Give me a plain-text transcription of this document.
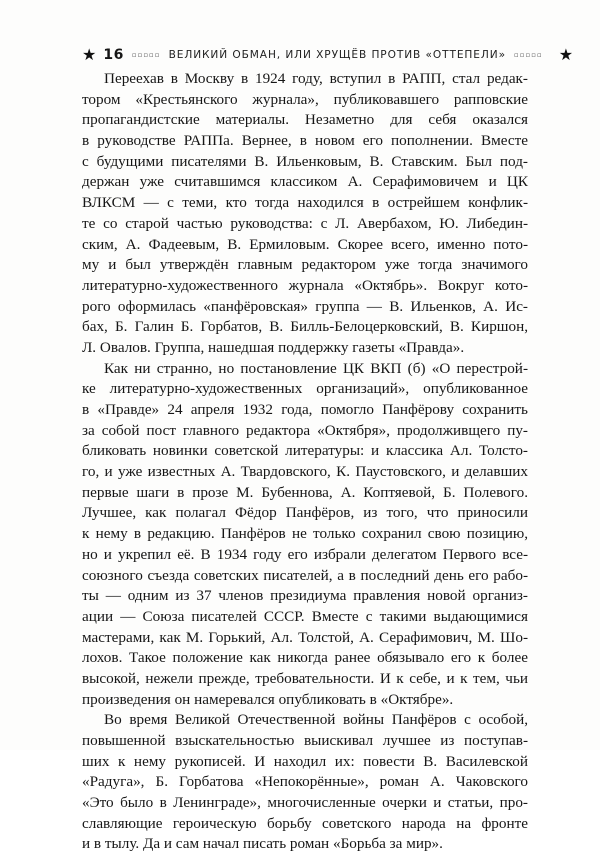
★ 16 ▫▫▫▫▫ ВЕЛИКИЙ ОБМАН, ИЛИ ХРУЩЁВ ПРОТИВ «ОТТЕПЕЛИ» ▫▫▫▫▫ ★

Переехав в Москву в 1924 году, вступил в РАПП, стал редак-
тором «Крестьянского журнала», публиковавшего рапповские
пропагандистские материалы. Незаметно для себя оказался
в руководстве РАППа. Вернее, в новом его пополнении. Вместе
с будущими писателями В. Ильенковым, В. Ставским. Был под-
держан уже считавшимся классиком А. Серафимовичем и ЦК
ВЛКСМ — с теми, кто тогда находился в острейшем конфлик-
те со старой частью руководства: с Л. Авербахом, Ю. Либедин-
ским, А. Фадеевым, В. Ермиловым. Скорее всего, именно пото-
му и был утверждён главным редактором уже тогда значимого
литературно-художественного журнала «Октябрь». Вокруг кото-
рого оформилась «панфёровская» группа — В. Ильенков, А. Ис-
бах, Б. Галин Б. Горбатов, В. Билль-Белоцерковский, В. Киршон,
Л. Овалов. Группа, нашедшая поддержку газеты «Правда».

Как ни странно, но постановление ЦК ВКП (б) «О перестрой-
ке литературно-художественных организаций», опубликованное
в «Правде» 24 апреля 1932 года, помогло Панфёрову сохранить
за собой пост главного редактора «Октября», продолживщего пу-
бликовать новинки советской литературы: и классика Ал. Толсто-
го, и уже известных А. Твардовского, К. Паустовского, и делавших
первые шаги в прозе М. Бубеннова, А. Коптяевой, Б. Полевого.
Лучшее, как полагал Фёдор Панфёров, из того, что приносили
к нему в редакцию. Панфёров не только сохранил свою позицию,
но и укрепил её. В 1934 году его избрали делегатом Первого все-
союзного съезда советских писателей, а в последний день его рабо-
ты — одним из 37 членов президиума правления новой организ-
ации — Союза писателей СССР. Вместе с такими выдающимися
мастерами, как М. Горький, Ал. Толстой, А. Серафимович, М. Шо-
лохов. Такое положение как никогда ранее обязывало его к более
высокой, нежели прежде, требовательности. И к себе, и к тем, чьи
произведения он намеревался опубликовать в «Октябре».

Во время Великой Отечественной войны Панфёров с особой,
повышенной взыскательностью выискивал лучшее из поступав-
ших к нему рукописей. И находил их: повести В. Василевской
«Радуга», Б. Горбатова «Непокорённые», роман А. Чаковского
«Это было в Ленинграде», многочисленные очерки и статьи, про-
славляющие героическую борьбу советского народа на фронте
и в тылу. Да и сам начал писать роман «Борьба за мир».
